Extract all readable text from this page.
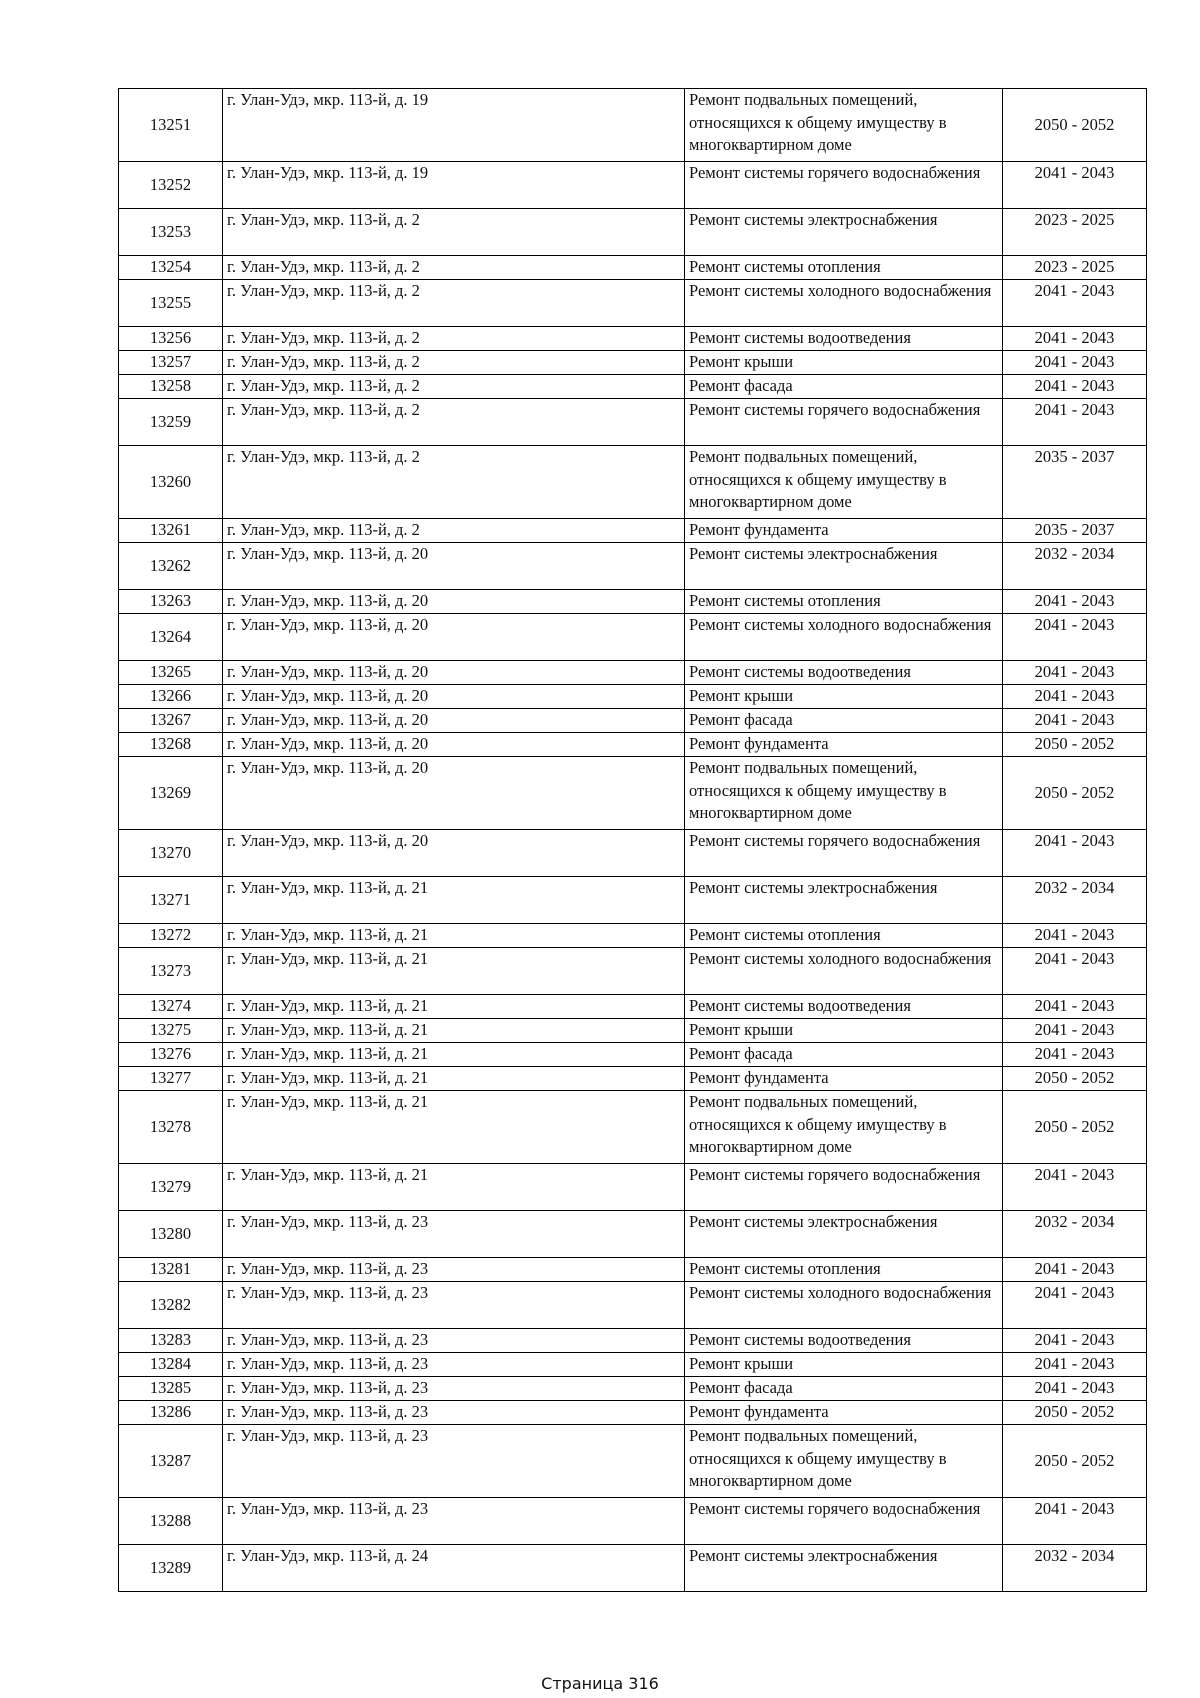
13251	г. Улан-Удэ, мкр. 113-й, д. 19	Ремонт подвальных помещений, относящихся к общему имуществу в многоквартирном доме	2050 - 2052
13252	г. Улан-Удэ, мкр. 113-й, д. 19	Ремонт системы горячего водоснабжения	2041 - 2043
13253	г. Улан-Удэ, мкр. 113-й, д. 2	Ремонт системы электроснабжения	2023 - 2025
13254	г. Улан-Удэ, мкр. 113-й, д. 2	Ремонт системы отопления	2023 - 2025
13255	г. Улан-Удэ, мкр. 113-й, д. 2	Ремонт системы холодного водоснабжения	2041 - 2043
13256	г. Улан-Удэ, мкр. 113-й, д. 2	Ремонт системы водоотведения	2041 - 2043
13257	г. Улан-Удэ, мкр. 113-й, д. 2	Ремонт крыши	2041 - 2043
13258	г. Улан-Удэ, мкр. 113-й, д. 2	Ремонт фасада	2041 - 2043
13259	г. Улан-Удэ, мкр. 113-й, д. 2	Ремонт системы горячего водоснабжения	2041 - 2043
13260	г. Улан-Удэ, мкр. 113-й, д. 2	Ремонт подвальных помещений, относящихся к общему имуществу в многоквартирном доме	2035 - 2037
13261	г. Улан-Удэ, мкр. 113-й, д. 2	Ремонт фундамента	2035 - 2037
13262	г. Улан-Удэ, мкр. 113-й, д. 20	Ремонт системы электроснабжения	2032 - 2034
13263	г. Улан-Удэ, мкр. 113-й, д. 20	Ремонт системы отопления	2041 - 2043
13264	г. Улан-Удэ, мкр. 113-й, д. 20	Ремонт системы холодного водоснабжения	2041 - 2043
13265	г. Улан-Удэ, мкр. 113-й, д. 20	Ремонт системы водоотведения	2041 - 2043
13266	г. Улан-Удэ, мкр. 113-й, д. 20	Ремонт крыши	2041 - 2043
13267	г. Улан-Удэ, мкр. 113-й, д. 20	Ремонт фасада	2041 - 2043
13268	г. Улан-Удэ, мкр. 113-й, д. 20	Ремонт фундамента	2050 - 2052
13269	г. Улан-Удэ, мкр. 113-й, д. 20	Ремонт подвальных помещений, относящихся к общему имуществу в многоквартирном доме	2050 - 2052
13270	г. Улан-Удэ, мкр. 113-й, д. 20	Ремонт системы горячего водоснабжения	2041 - 2043
13271	г. Улан-Удэ, мкр. 113-й, д. 21	Ремонт системы электроснабжения	2032 - 2034
13272	г. Улан-Удэ, мкр. 113-й, д. 21	Ремонт системы отопления	2041 - 2043
13273	г. Улан-Удэ, мкр. 113-й, д. 21	Ремонт системы холодного водоснабжения	2041 - 2043
13274	г. Улан-Удэ, мкр. 113-й, д. 21	Ремонт системы водоотведения	2041 - 2043
13275	г. Улан-Удэ, мкр. 113-й, д. 21	Ремонт крыши	2041 - 2043
13276	г. Улан-Удэ, мкр. 113-й, д. 21	Ремонт фасада	2041 - 2043
13277	г. Улан-Удэ, мкр. 113-й, д. 21	Ремонт фундамента	2050 - 2052
13278	г. Улан-Удэ, мкр. 113-й, д. 21	Ремонт подвальных помещений, относящихся к общему имуществу в многоквартирном доме	2050 - 2052
13279	г. Улан-Удэ, мкр. 113-й, д. 21	Ремонт системы горячего водоснабжения	2041 - 2043
13280	г. Улан-Удэ, мкр. 113-й, д. 23	Ремонт системы электроснабжения	2032 - 2034
13281	г. Улан-Удэ, мкр. 113-й, д. 23	Ремонт системы отопления	2041 - 2043
13282	г. Улан-Удэ, мкр. 113-й, д. 23	Ремонт системы холодного водоснабжения	2041 - 2043
13283	г. Улан-Удэ, мкр. 113-й, д. 23	Ремонт системы водоотведения	2041 - 2043
13284	г. Улан-Удэ, мкр. 113-й, д. 23	Ремонт крыши	2041 - 2043
13285	г. Улан-Удэ, мкр. 113-й, д. 23	Ремонт фасада	2041 - 2043
13286	г. Улан-Удэ, мкр. 113-й, д. 23	Ремонт фундамента	2050 - 2052
13287	г. Улан-Удэ, мкр. 113-й, д. 23	Ремонт подвальных помещений, относящихся к общему имуществу в многоквартирном доме	2050 - 2052
13288	г. Улан-Удэ, мкр. 113-й, д. 23	Ремонт системы горячего водоснабжения	2041 - 2043
13289	г. Улан-Удэ, мкр. 113-й, д. 24	Ремонт системы электроснабжения	2032 - 2034
Страница 316
